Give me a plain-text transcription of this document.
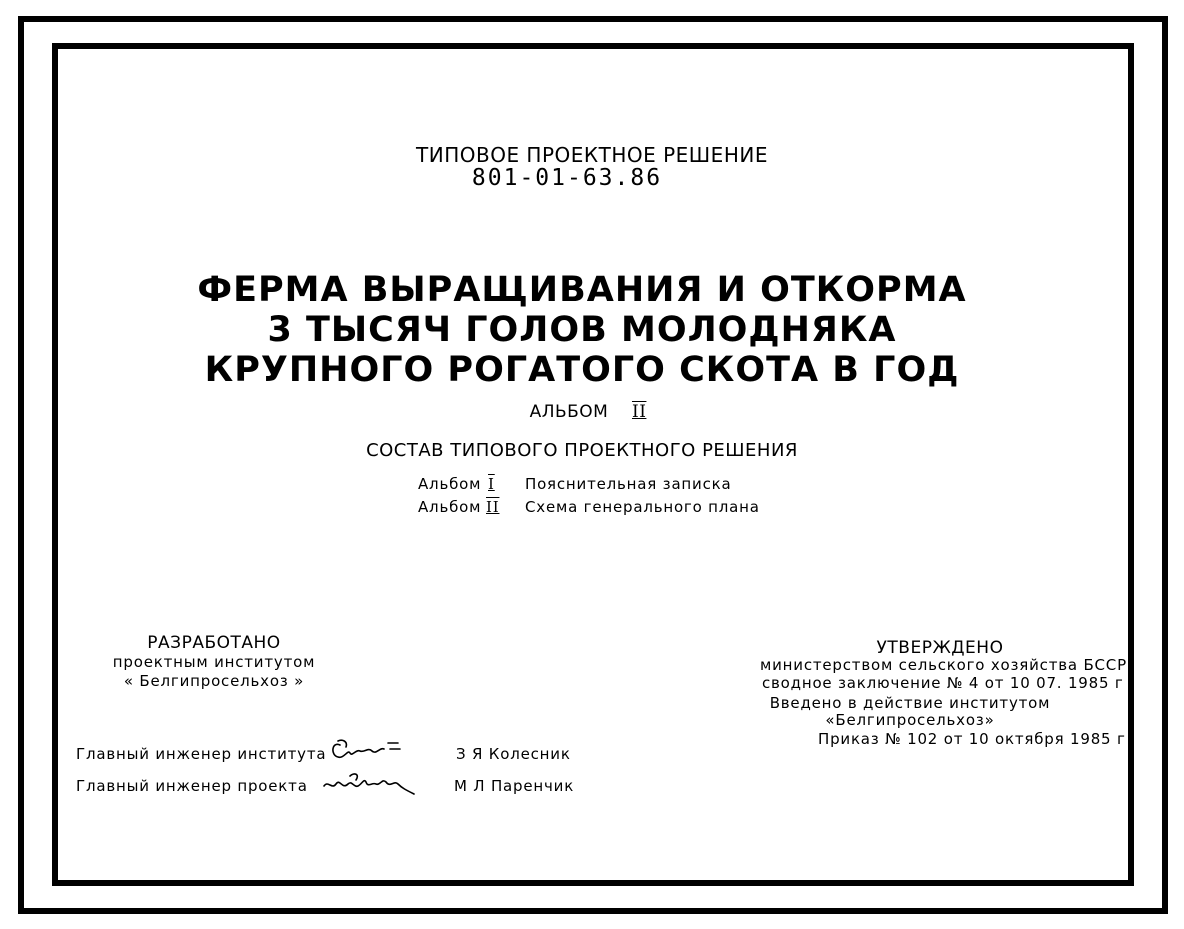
ТИПОВОЕ ПРОЕКТНОЕ РЕШЕНИЕ
801-01-63.86
ФЕРМА ВЫРАЩИВАНИЯ И ОТКОРМА
3 ТЫСЯЧ ГОЛОВ МОЛОДНЯКА
КРУПНОГО РОГАТОГО СКОТА В ГОД
АЛЬБОМ II
СОСТАВ ТИПОВОГО ПРОЕКТНОГО РЕШЕНИЯ
Альбом I Пояснительная записка
Альбом II Схема генерального плана
РАЗРАБОТАНО
проектным институтом
« Белгипросельхоз »
УТВЕРЖДЕНО
министерством сельского хозяйства БССР
сводное заключение № 4 от 10 07. 1985 г
Введено в действие институтом
«Белгипросельхоз»
Приказ № 102 от 10 октября 1985 г
Главный инженер института	З Я Колесник
Главный инженер проекта	М Л Паренчик
